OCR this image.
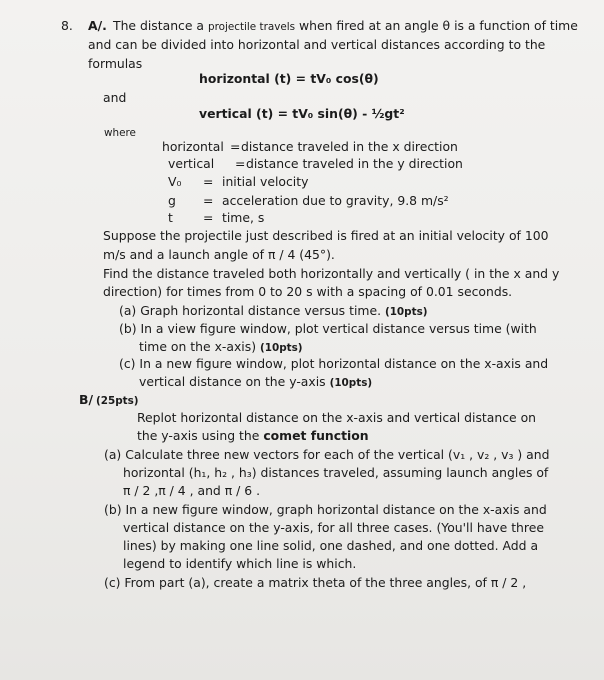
8. A/. The distance a projectile travels when fired at an angle θ is a function of time
and can be divided into horizontal and vertical distances according to the
formulas
horizontal (t) = tV₀ cos(θ)
and
vertical (t) = tV₀ sin(θ) - ½gt²
where
horizontal = distance traveled in the x direction
vertical = distance traveled in the y direction
V₀ = initial velocity
g = acceleration due to gravity, 9.8 m/s²
t = time, s
Suppose the projectile just described is fired at an initial velocity of 100
m/s and a launch angle of π / 4 (45°).
Find the distance traveled both horizontally and vertically ( in the x and y
direction) for times from 0 to 20 s with a spacing of 0.01 seconds.
(a) Graph horizontal distance versus time. (10pts)
(b) In a view figure window, plot vertical distance versus time (with
time on the x-axis) (10pts)
(c) In a new figure window, plot horizontal distance on the x-axis and
vertical distance on the y-axis (10pts)
B/ (25pts)
Replot horizontal distance on the x-axis and vertical distance on
the y-axis using the comet function
(a) Calculate three new vectors for each of the vertical (v₁ , v₂ , v₃ ) and
horizontal (h₁, h₂ , h₃) distances traveled, assuming launch angles of
π / 2 ,π / 4 , and π / 6 .
(b) In a new figure window, graph horizontal distance on the x-axis and
vertical distance on the y-axis, for all three cases. (You'll have three
lines) by making one line solid, one dashed, and one dotted. Add a
legend to identify which line is which.
(c) From part (a), create a matrix theta of the three angles, of π / 2 ,
